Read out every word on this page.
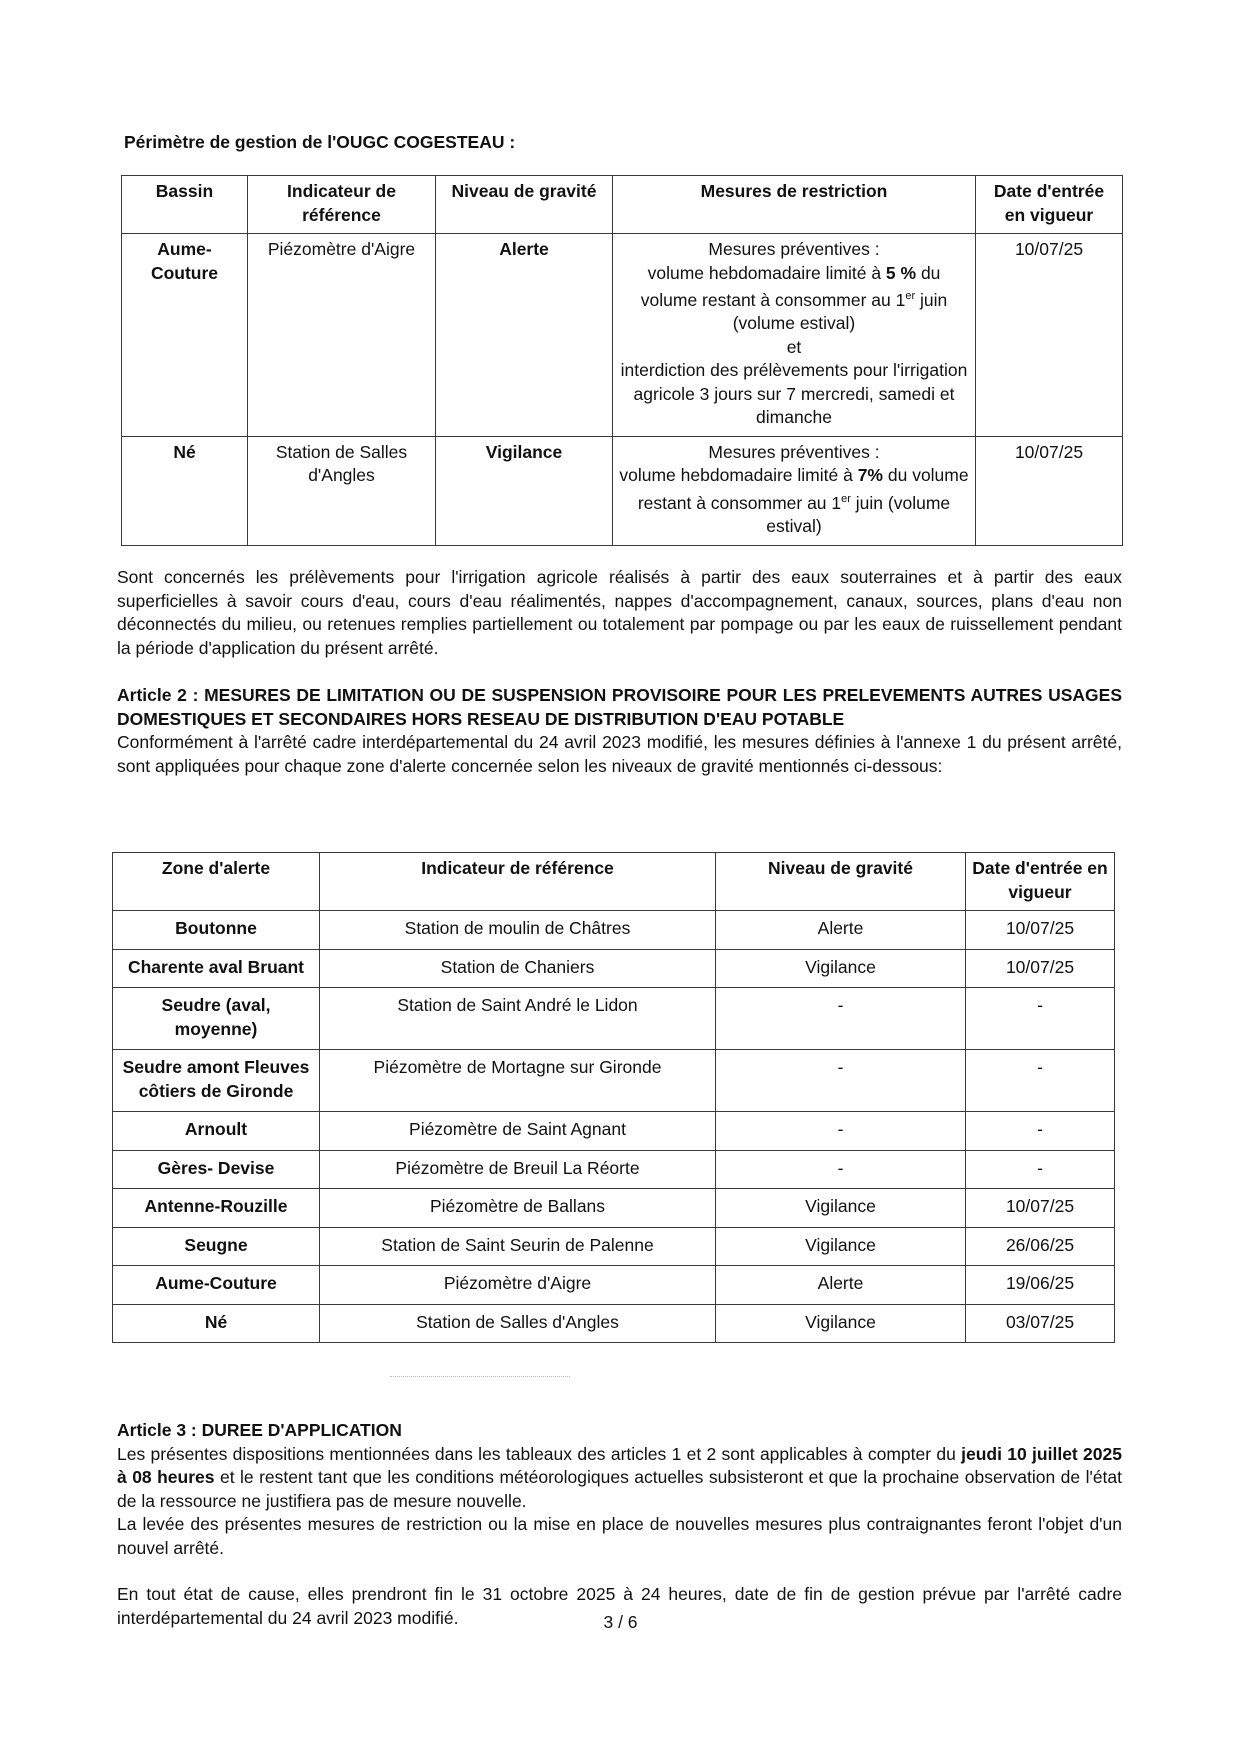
Périmètre de gestion de l'OUGC COGESTEAU :
Bassin	Indicateur de référence	Niveau de gravité	Mesures de restriction	Date d'entrée en vigueur
Aume-Couture	Piézomètre d'Aigre	Alerte	Mesures préventives :
volume hebdomadaire limité à 5 % du volume restant à consommer au 1er juin (volume estival)
et
interdiction des prélèvements pour l'irrigation agricole 3 jours sur 7 mercredi, samedi et dimanche	10/07/25
Né	Station de Salles d'Angles	Vigilance	Mesures préventives :
volume hebdomadaire limité à 7% du volume restant à consommer au 1er juin (volume estival)	10/07/25
Sont concernés les prélèvements pour l'irrigation agricole réalisés à partir des eaux souterraines et à partir des eaux superficielles à savoir cours d'eau, cours d'eau réalimentés, nappes d'accompagnement, canaux, sources, plans d'eau non déconnectés du milieu, ou retenues remplies partiellement ou totalement par pompage ou par les eaux de ruissellement pendant la période d'application du présent arrêté.
Article 2 : MESURES DE LIMITATION OU DE SUSPENSION PROVISOIRE POUR LES PRELEVEMENTS AUTRES USAGES DOMESTIQUES ET SECONDAIRES HORS RESEAU DE DISTRIBUTION D'EAU POTABLE
Conformément à l'arrêté cadre interdépartemental du 24 avril 2023 modifié, les mesures définies à l'annexe 1 du présent arrêté, sont appliquées pour chaque zone d'alerte concernée selon les niveaux de gravité mentionnés ci-dessous:
Zone d'alerte	Indicateur de référence	Niveau de gravité	Date d'entrée en vigueur
Boutonne	Station de moulin de Châtres	Alerte	10/07/25
Charente aval Bruant	Station de Chaniers	Vigilance	10/07/25
Seudre (aval, moyenne)	Station de Saint André le Lidon	-	-
Seudre amont Fleuves côtiers de Gironde	Piézomètre de Mortagne sur Gironde	-	-
Arnoult	Piézomètre de Saint Agnant	-	-
Gères- Devise	Piézomètre de Breuil La Réorte	-	-
Antenne-Rouzille	Piézomètre de Ballans	Vigilance	10/07/25
Seugne	Station de Saint Seurin de Palenne	Vigilance	26/06/25
Aume-Couture	Piézomètre d'Aigre	Alerte	19/06/25
Né	Station de Salles d'Angles	Vigilance	03/07/25
Article 3 : DUREE D'APPLICATION
Les présentes dispositions mentionnées dans les tableaux des articles 1 et 2 sont applicables à compter du jeudi 10 juillet 2025 à 08 heures et le restent tant que les conditions météorologiques actuelles subsisteront et que la prochaine observation de l'état de la ressource ne justifiera pas de mesure nouvelle.
La levée des présentes mesures de restriction ou la mise en place de nouvelles mesures plus contraignantes feront l'objet d'un nouvel arrêté.
En tout état de cause, elles prendront fin le 31 octobre 2025 à 24 heures, date de fin de gestion prévue par l'arrêté cadre interdépartemental du 24 avril 2023 modifié.	3 / 6
